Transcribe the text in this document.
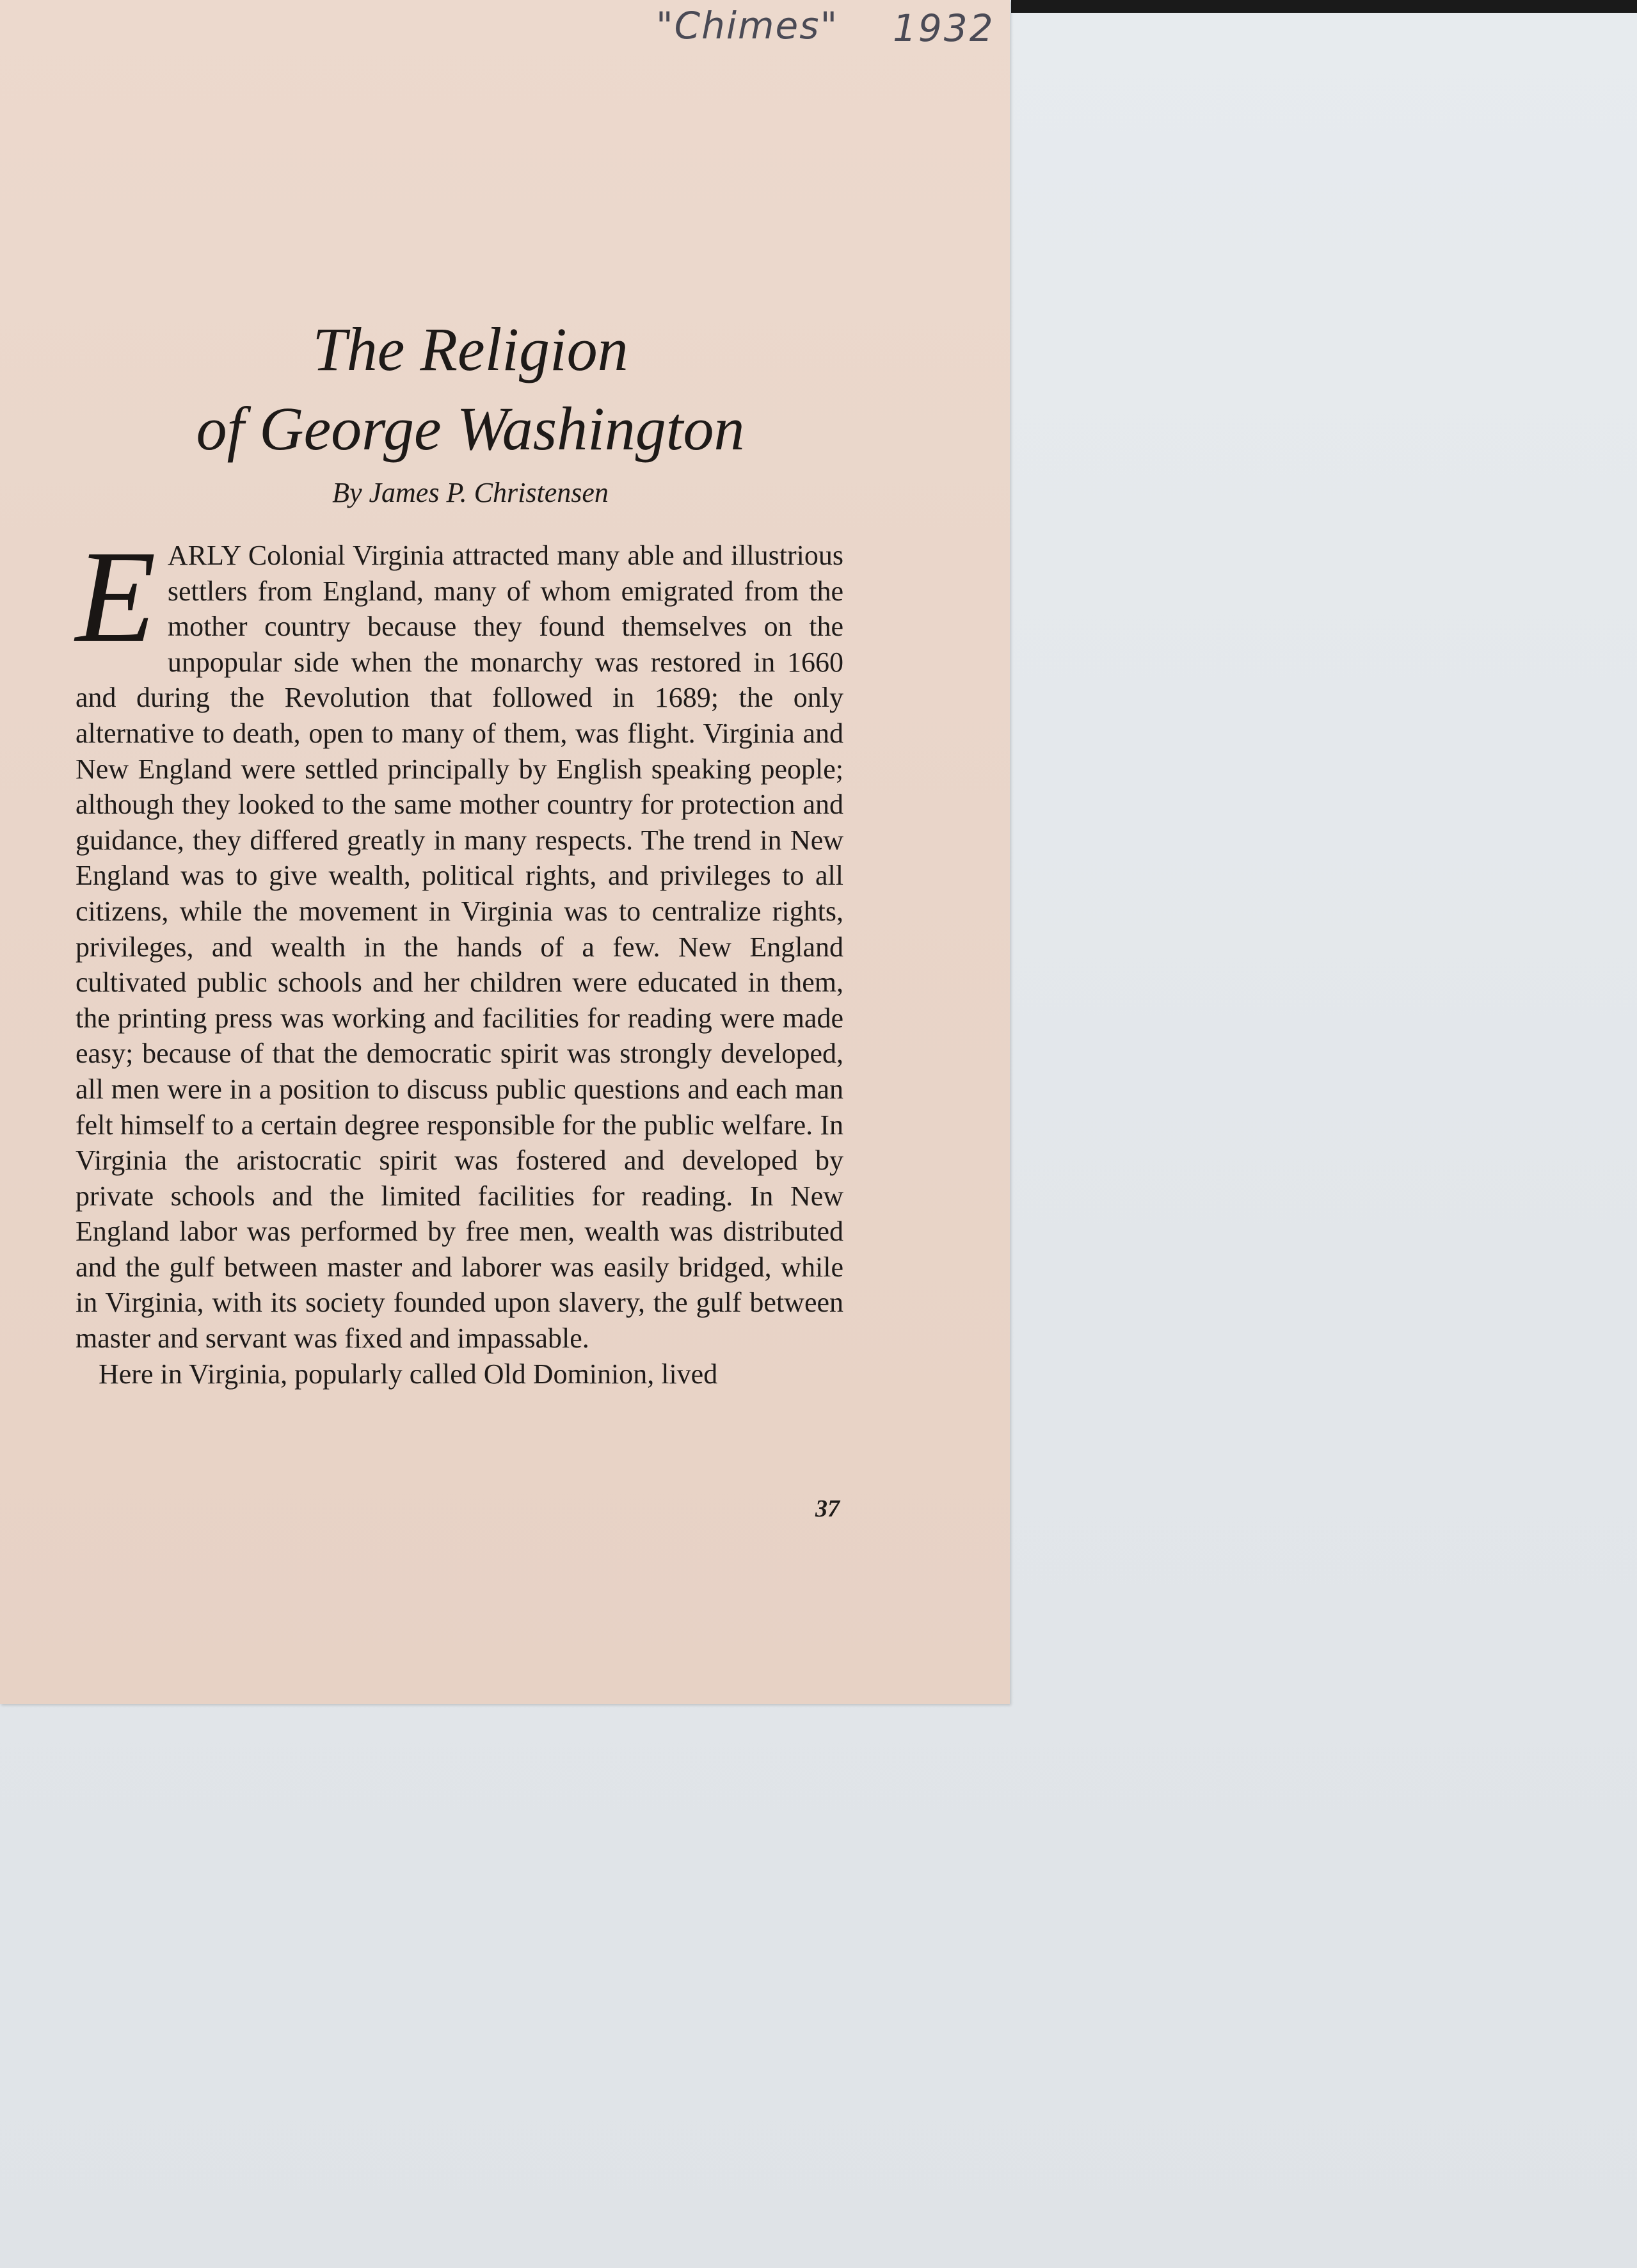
"Chimes" 1932
The Religion
of George Washington
By James P. Christensen

EARLY Colonial Virginia attracted many able and illustrious settlers from England, many of whom emigrated from the mother country because they found themselves on the unpopular side when the monarchy was restored in 1660 and during the Revolution that followed in 1689; the only alternative to death, open to many of them, was flight. Virginia and New England were settled principally by English speaking people; although they looked to the same mother country for protection and guidance, they differed greatly in many respects. The trend in New England was to give wealth, political rights, and privileges to all citizens, while the movement in Virginia was to centralize rights, privileges, and wealth in the hands of a few. New England cultivated public schools and her children were educated in them, the printing press was working and facilities for reading were made easy; because of that the democratic spirit was strongly developed, all men were in a position to discuss public questions and each man felt himself to a certain degree responsible for the public welfare. In Virginia the aristocratic spirit was fostered and developed by private schools and the limited facilities for reading. In New England labor was performed by free men, wealth was distributed and the gulf between master and laborer was easily bridged, while in Virginia, with its society founded upon slavery, the gulf between master and servant was fixed and impassable.

Here in Virginia, popularly called Old Dominion, lived

37
